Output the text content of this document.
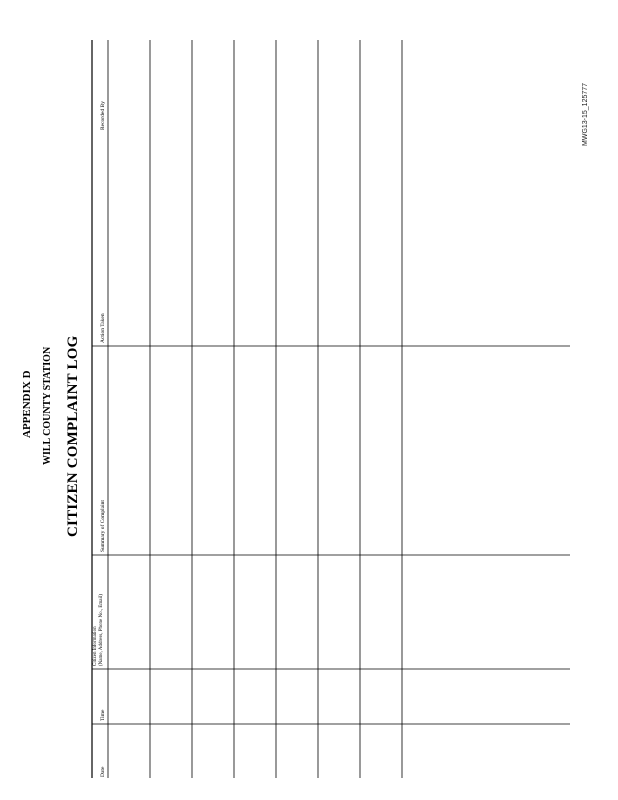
APPENDIX D WILL COUNTY STATION CITIZEN COMPLAINT LOG
MWG13-15_125777
Date
Time
Citizen Information
(Name, Address, Phone No., Email)
Summary of Complaint
Action Taken
Recorded By
